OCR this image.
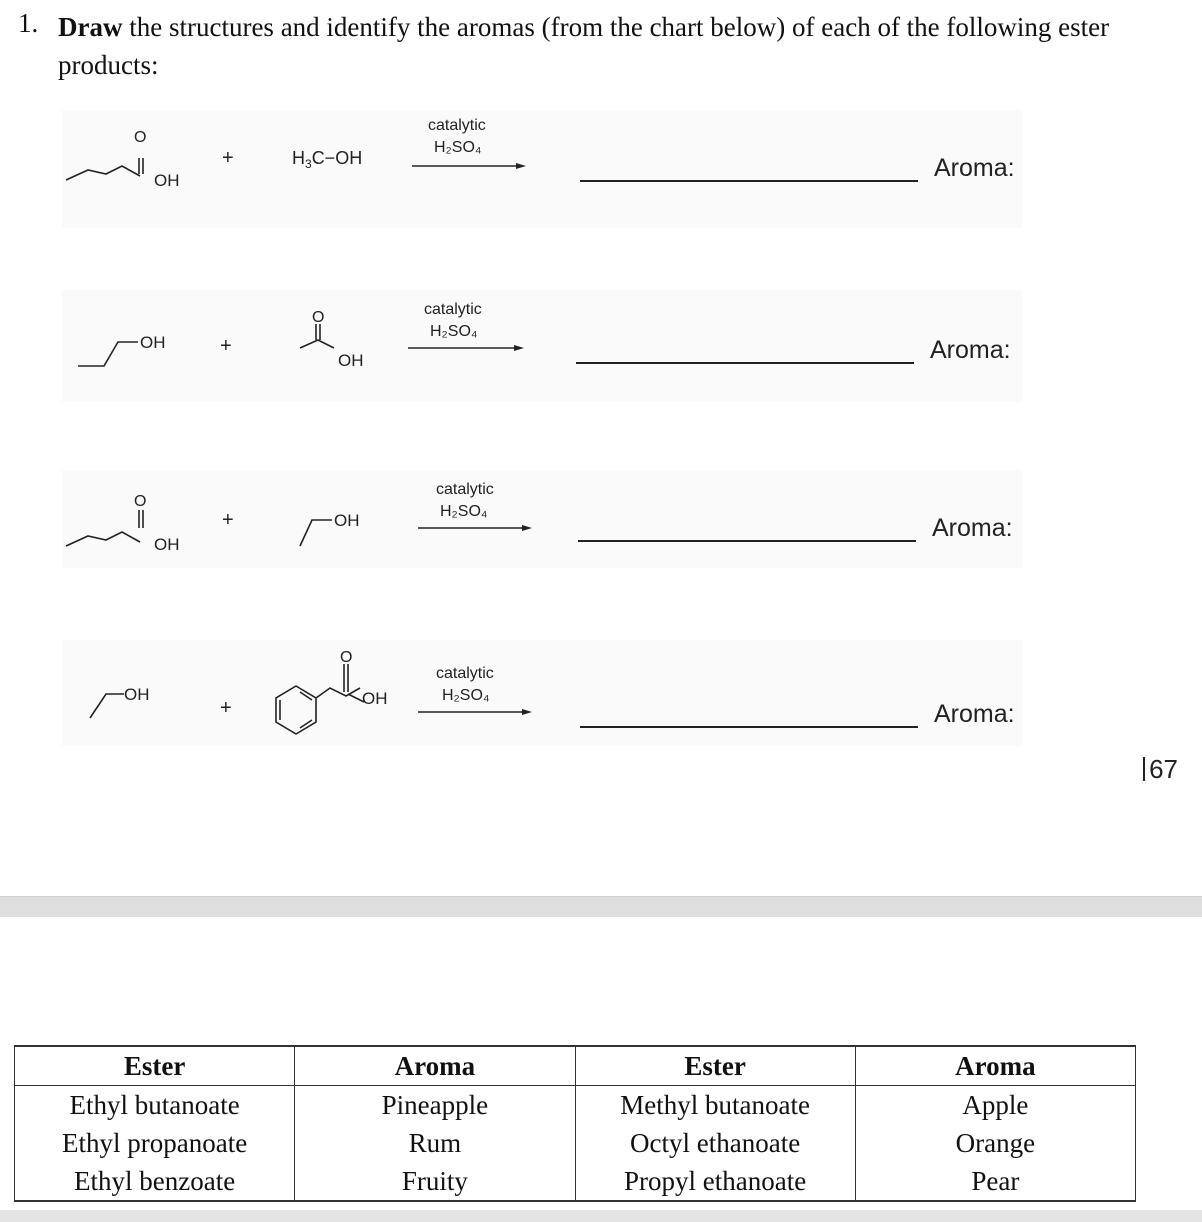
1. Draw the structures and identify the aromas (from the chart below) of each of the following ester products:
O
OH
+	$H_3C-OH$
catalytic
H₂SO₄
Aroma:
OH	+
O
OH
catalytic
H₂SO₄
Aroma:
O
OH
+	OH
catalytic
H₂SO₄
Aroma:
OH
+
O
OH
catalytic
H₂SO₄
Aroma:
67
Ester	Aroma	Ester	Aroma
Ethyl butanoate	Pineapple	Methyl butanoate	Apple
Ethyl propanoate	Rum	Octyl ethanoate	Orange
Ethyl benzoate	Fruity	Propyl ethanoate	Pear
